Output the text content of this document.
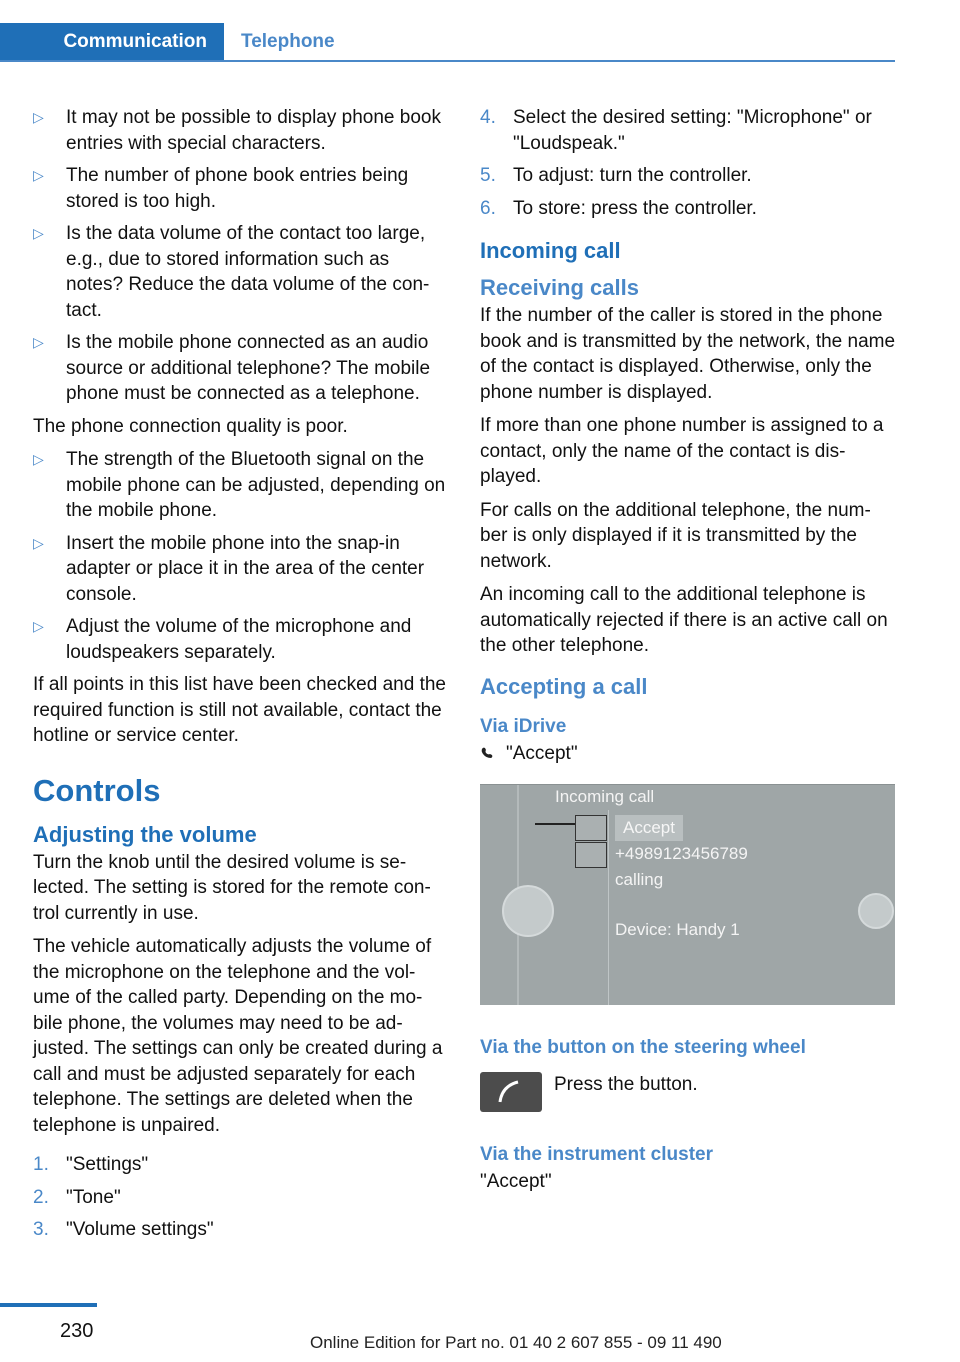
Communication	Telephone
▷ It may not be possible to display phone book entries with special characters.
▷ The number of phone book entries being stored is too high.
▷ Is the data volume of the contact too large, e.g., due to stored information such as notes? Reduce the data volume of the con-tact.
▷ Is the mobile phone connected as an audio source or additional telephone? The mobile phone must be connected as a telephone.

The phone connection quality is poor.

▷ The strength of the Bluetooth signal on the mobile phone can be adjusted, depending on the mobile phone.
▷ Insert the mobile phone into the snap-in adapter or place it in the area of the center console.
▷ Adjust the volume of the microphone and loudspeakers separately.

If all points in this list have been checked and the required function is still not available, contact the hotline or service center.

Controls
Adjusting the volume

Turn the knob until the desired volume is se-lected. The setting is stored for the remote con-trol currently in use.

The vehicle automatically adjusts the volume of the microphone on the telephone and the vol-ume of the called party. Depending on the mo-bile phone, the volumes may need to be ad-justed. The settings can only be created during a call and must be adjusted separately for each telephone. The settings are deleted when the telephone is unpaired.

1. "Settings"
2. "Tone"
3. "Volume settings"
4. Select the desired setting: "Microphone" or "Loudspeak."
5. To adjust: turn the controller.
6. To store: press the controller.
Incoming call
Receiving calls

If the number of the caller is stored in the phone book and is transmitted by the network, the name of the contact is displayed. Otherwise, only the phone number is displayed.

If more than one phone number is assigned to a contact, only the name of the contact is dis-played.

For calls on the additional telephone, the num-ber is only displayed if it is transmitted by the network.

An incoming call to the additional telephone is automatically rejected if there is an active call on the other telephone.

Accepting a call
Via iDrive

"Accept"

Incoming call
Accept
+4989123456789
calling
Device: Handy 1
Via the button on the steering wheel
Press the button.
Via the instrument cluster

"Accept"

230
Online Edition for Part no. 01 40 2 607 855 - 09 11 490
